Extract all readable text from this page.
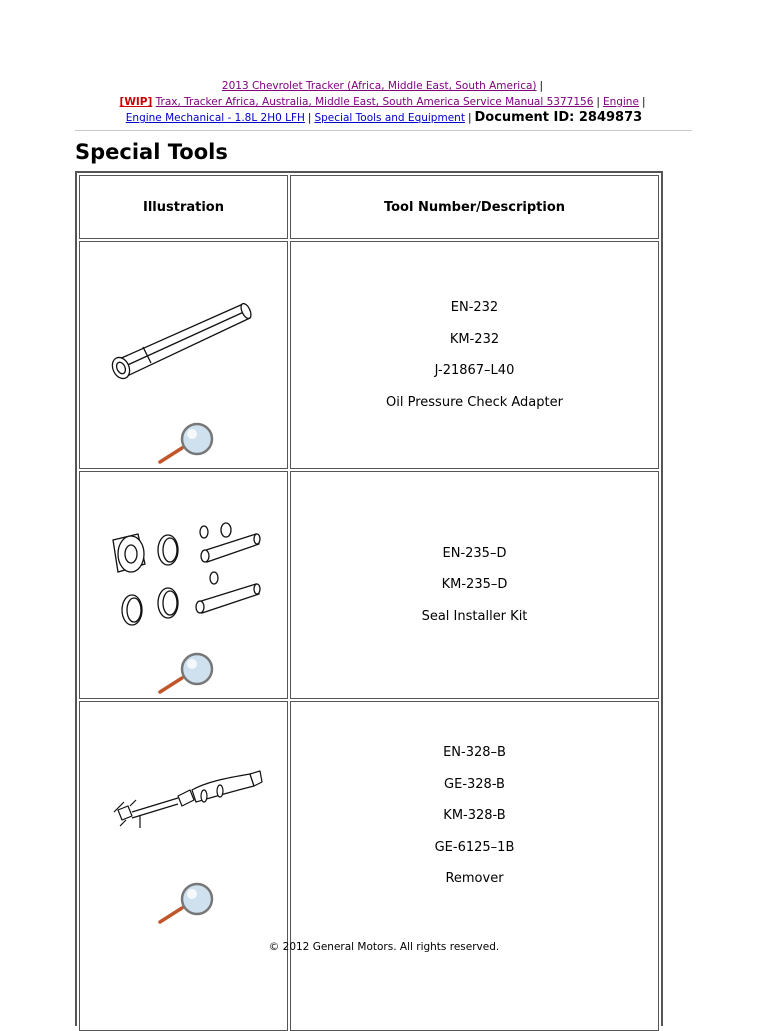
2013 Chevrolet Tracker (Africa, Middle East, South America) |
[WIP] Trax, Tracker Africa, Australia, Middle East, South America Service Manual 5377156 | Engine |
Engine Mechanical - 1.8L 2H0 LFH | Special Tools and Equipment | Document ID: 2849873
Special Tools
Illustration	Tool Number/Description
EN-232
KM-232
J-21867–L40
Oil Pressure Check Adapter
EN-235–D
KM-235–D
Seal Installer Kit
EN-328–B
GE-328-B
KM-328-B
GE-6125–1B
Remover
© 2012 General Motors. All rights reserved.
